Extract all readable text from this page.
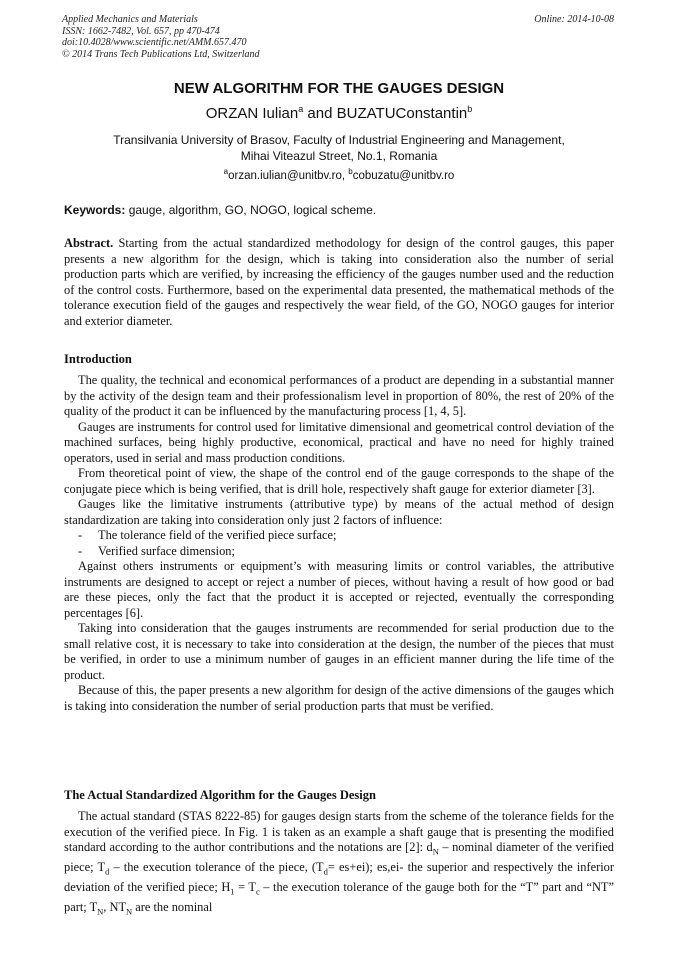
Applied Mechanics and Materials
ISSN: 1662-7482, Vol. 657, pp 470-474
doi:10.4028/www.scientific.net/AMM.657.470
© 2014 Trans Tech Publications Ltd, Switzerland
Online: 2014-10-08
NEW ALGORITHM FOR THE GAUGES DESIGN
ORZAN Iulian$^a$ and BUZATUConstantin$^b$
Transilvania University of Brasov, Faculty of Industrial Engineering and Management,
Mihai Viteazul Street, No.1, Romania
$^a$orzan.iulian@unitbv.ro, $^b$cobuzatu@unitbv.ro
Keywords: gauge, algorithm, GO, NOGO, logical scheme.

Abstract. Starting from the actual standardized methodology for design of the control gauges, this paper presents a new algorithm for the design, which is taking into consideration also the number of serial production parts which are verified, by increasing the efficiency of the gauges number used and the reduction of the control costs. Furthermore, based on the experimental data presented, the mathematical methods of the tolerance execution field of the gauges and respectively the wear field, of the GO, NOGO gauges for interior and exterior diameter.

Introduction

The quality, the technical and economical performances of a product are depending in a substantial manner by the activity of the design team and their professionalism level in proportion of 80%, the rest of 20% of the quality of the product it can be influenced by the manufacturing process [1, 4, 5].

Gauges are instruments for control used for limitative dimensional and geometrical control deviation of the machined surfaces, being highly productive, economical, practical and have no need for highly trained operators, used in serial and mass production conditions.

From theoretical point of view, the shape of the control end of the gauge corresponds to the shape of the conjugate piece which is being verified, that is drill hole, respectively shaft gauge for exterior diameter [3].

Gauges like the limitative instruments (attributive type) by means of the actual method of design standardization are taking into consideration only just 2 factors of influence:

- The tolerance field of the verified piece surface;
- Verified surface dimension;

Against others instruments or equipment’s with measuring limits or control variables, the attributive instruments are designed to accept or reject a number of pieces, without having a result of how good or bad are these pieces, only the fact that the product it is accepted or rejected, eventually the corresponding percentages [6].

Taking into consideration that the gauges instruments are recommended for serial production due to the small relative cost, it is necessary to take into consideration at the design, the number of the pieces that must be verified, in order to use a minimum number of gauges in an efficient manner during the life time of the product.

Because of this, the paper presents a new algorithm for design of the active dimensions of the gauges which is taking into consideration the number of serial production parts that must be verified.

The Actual Standardized Algorithm for the Gauges Design

The actual standard (STAS 8222-85) for gauges design starts from the scheme of the tolerance fields for the execution of the verified piece. In Fig. 1 is taken as an example a shaft gauge that is presenting the modified standard according to the author contributions and the notations are [2]: $d_N$ – nominal diameter of the verified piece; $T_d$ – the execution tolerance of the piece, $(T_d= es+ei)$; es,ei- the superior and respectively the inferior deviation of the verified piece; $H_1 = T_c$ – the execution tolerance of the gauge both for the “T” part and “NT” part; $T_N$, $NT_N$ are the nominal
